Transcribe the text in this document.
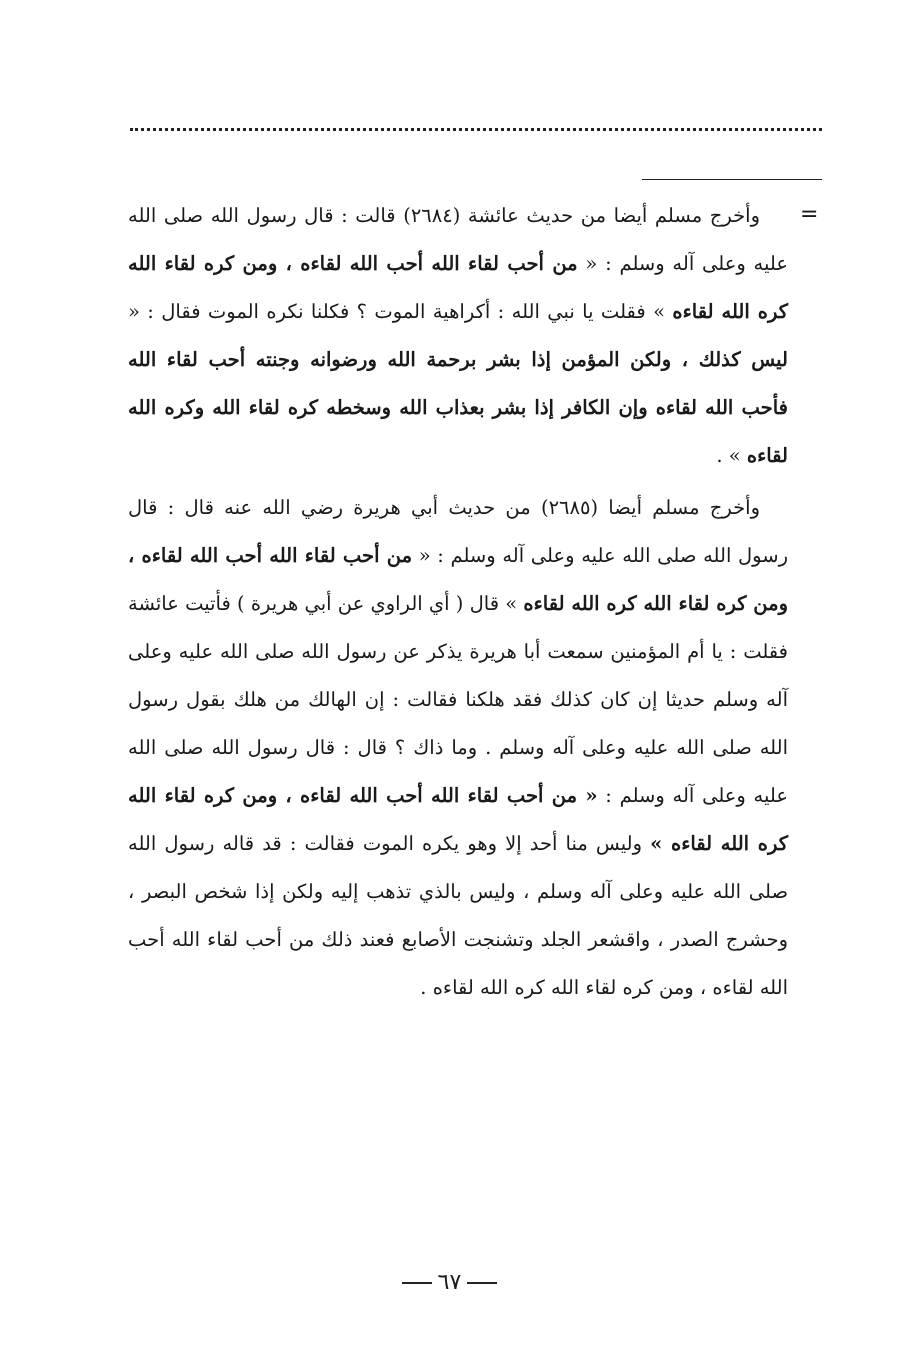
=

وأخرج مسلم أيضا من حديث عائشة (٢٦٨٤) قالت : قال رسول الله صلى الله عليه وعلى آله وسلم : « من أحب لقاء الله أحب الله لقاءه ، ومن كره لقاء الله كره الله لقاءه » فقلت يا نبي الله : أكراهية الموت ؟ فكلنا نكره الموت فقال : « ليس كذلك ، ولكن المؤمن إذا بشر برحمة الله ورضوانه وجنته أحب لقاء الله فأحب الله لقاءه وإن الكافر إذا بشر بعذاب الله وسخطه كره لقاء الله وكره الله لقاءه » .

وأخرج مسلم أيضا (٢٦٨٥) من حديث أبي هريرة رضي الله عنه قال : قال رسول الله صلى الله عليه وعلى آله وسلم : « من أحب لقاء الله أحب الله لقاءه ، ومن كره لقاء الله كره الله لقاءه » قال ( أي الراوي عن أبي هريرة ) فأتيت عائشة فقلت : يا أم المؤمنين سمعت أبا هريرة يذكر عن رسول الله صلى الله عليه وعلى آله وسلم حديثا إن كان كذلك فقد هلكنا فقالت : إن الهالك من هلك بقول رسول الله صلى الله عليه وعلى آله وسلم . وما ذاك ؟ قال : قال رسول الله صلى الله عليه وعلى آله وسلم : « من أحب لقاء الله أحب الله لقاءه ، ومن كره لقاء الله كره الله لقاءه » وليس منا أحد إلا وهو يكره الموت فقالت : قد قاله رسول الله صلى الله عليه وعلى آله وسلم ، وليس بالذي تذهب إليه ولكن إذا شخص البصر ، وحشرج الصدر ، واقشعر الجلد وتشنجت الأصابع فعند ذلك من أحب لقاء الله أحب الله لقاءه ، ومن كره لقاء الله كره الله لقاءه .

٦٧
